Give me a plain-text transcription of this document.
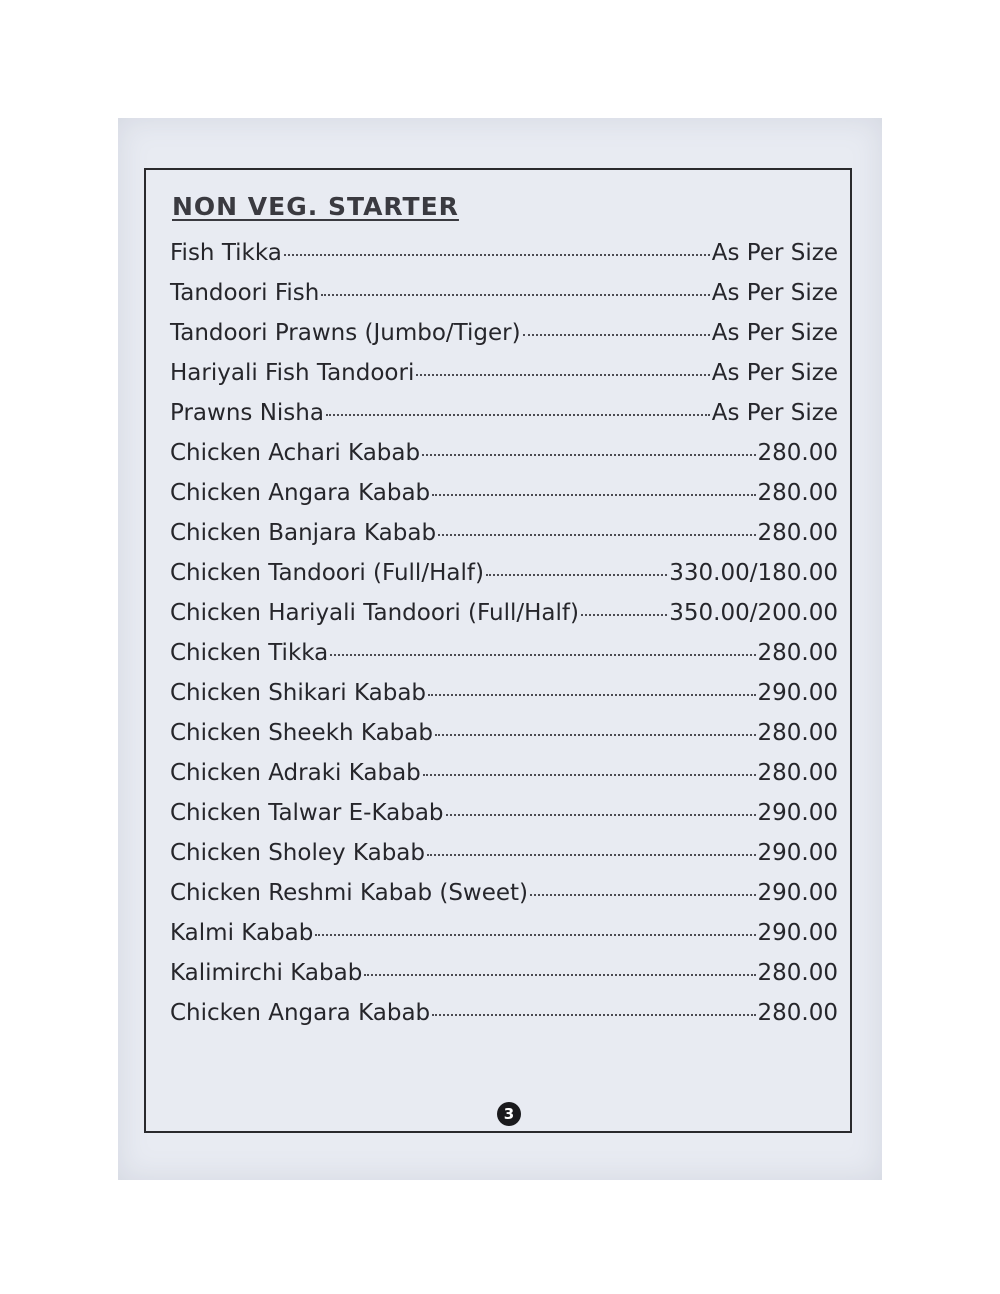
NON VEG. STARTER
Fish Tikka	As Per Size
Tandoori Fish	As Per Size
Tandoori Prawns (Jumbo/Tiger)	As Per Size
Hariyali Fish Tandoori	As Per Size
Prawns Nisha	As Per Size
Chicken Achari Kabab	280.00
Chicken Angara Kabab	280.00
Chicken Banjara Kabab	280.00
Chicken Tandoori (Full/Half)	330.00/180.00
Chicken Hariyali Tandoori (Full/Half)	350.00/200.00
Chicken Tikka	280.00
Chicken Shikari Kabab	290.00
Chicken Sheekh Kabab	280.00
Chicken Adraki Kabab	280.00
Chicken Talwar E-Kabab	290.00
Chicken Sholey Kabab	290.00
Chicken Reshmi Kabab (Sweet)	290.00
Kalmi Kabab	290.00
Kalimirchi Kabab	280.00
Chicken Angara Kabab	280.00
3
